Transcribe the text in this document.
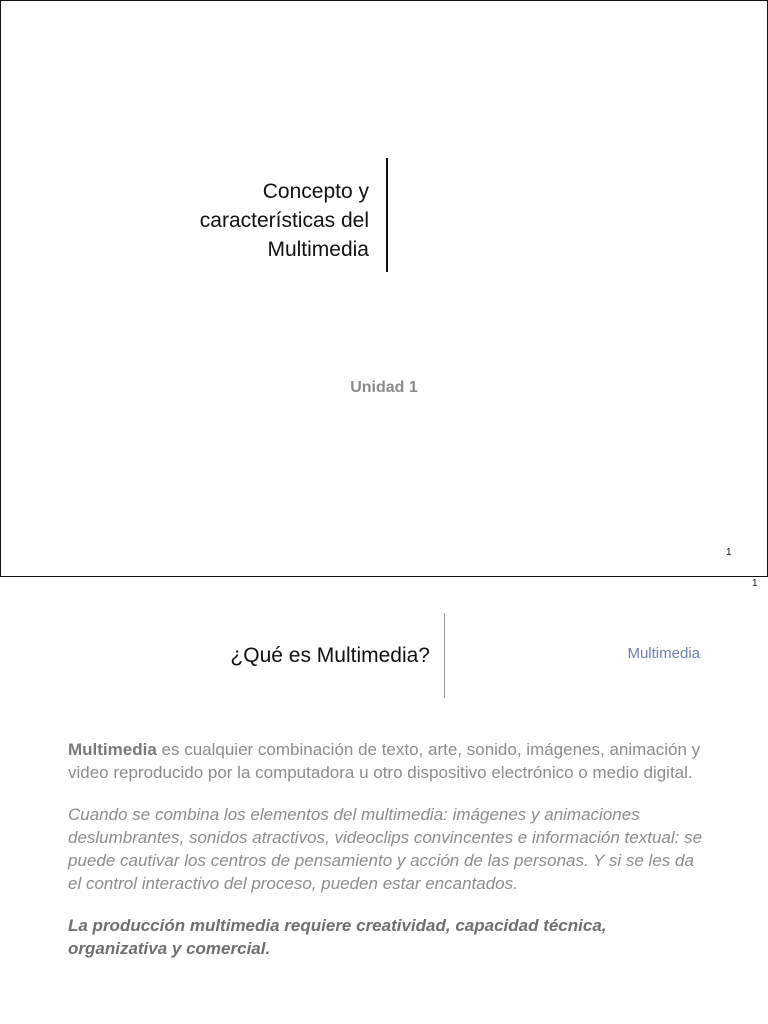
Concepto y
características del
Multimedia
Unidad 1
1
1
¿Qué es Multimedia?	Multimedia

Multimedia es cualquier combinación de texto, arte, sonido, imágenes, animación y video reproducido por la computadora u otro dispositivo electrónico o medio digital.

Cuando se combina los elementos del multimedia: imágenes y animaciones deslumbrantes, sonidos atractivos, videoclips convincentes e información textual: se puede cautivar los centros de pensamiento y acción de las personas. Y si se les da el control interactivo del proceso, pueden estar encantados.

La producción multimedia requiere creatividad, capacidad técnica, organizativa y comercial.
